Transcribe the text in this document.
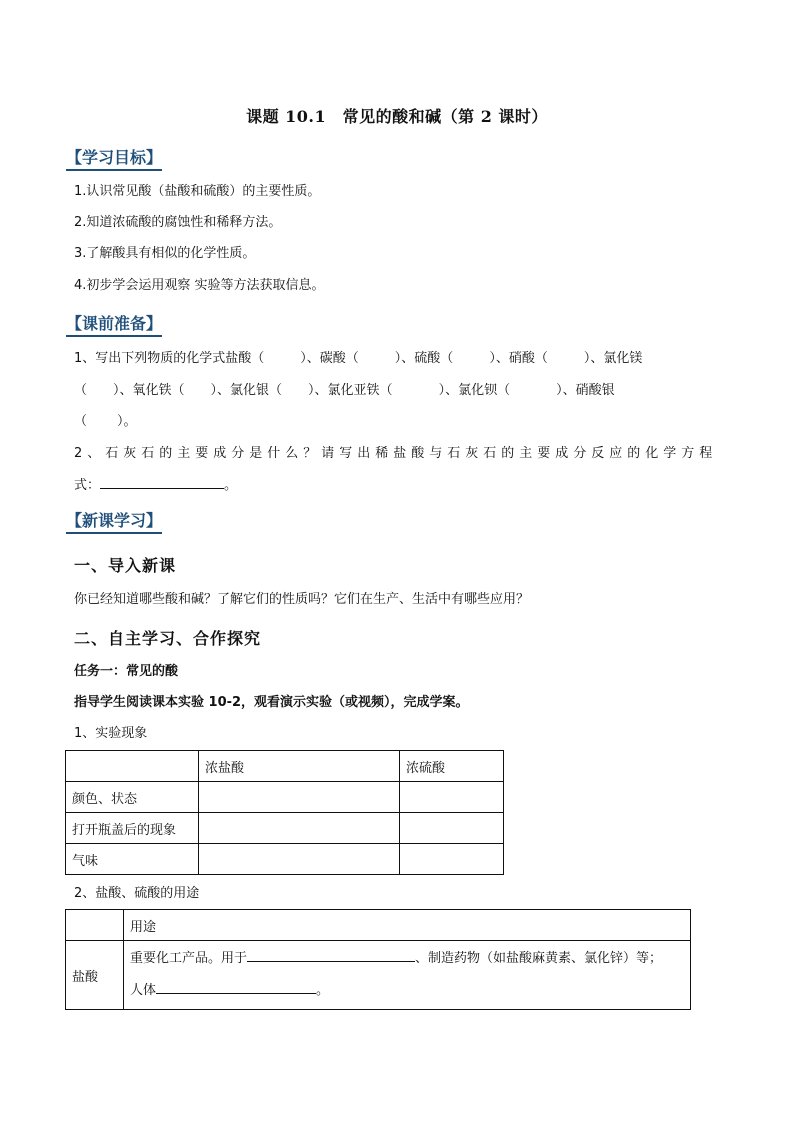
课题 10.1　常见的酸和碱（第 2 课时）
【学习目标】
1.认识常见酸（盐酸和硫酸）的主要性质。
2.知道浓硫酸的腐蚀性和稀释方法。
3.了解酸具有相似的化学性质。
4.初步学会运用观察 实验等方法获取信息。
【课前准备】
1、写出下列物质的化学式盐酸（	）、碳酸（	）、硫酸（	）、硝酸（	）、氯化镁
（ ）、氧化铁（ ）、氯化银（ ）、氯化亚铁（	）、氯化钡（	）、硝酸银
（ ）。
2、石灰石的主要成分是什么？请写出稀盐酸与石灰石的主要成分反应的化学方程
式：	。
【新课学习】
一、导入新课
你已经知道哪些酸和碱？了解它们的性质吗？它们在生产、生活中有哪些应用？
二、自主学习、合作探究
任务一：常见的酸
指导学生阅读课本实验 10-2，观看演示实验（或视频），完成学案。
1、实验现象
	浓盐酸	浓硫酸
颜色、状态		
打开瓶盖后的现象		
气味		
2、盐酸、硫酸的用途
	用途
盐酸	重要化工产品。用于 、制造药物（如盐酸麻黄素、氯化锌）等；
人体 。
